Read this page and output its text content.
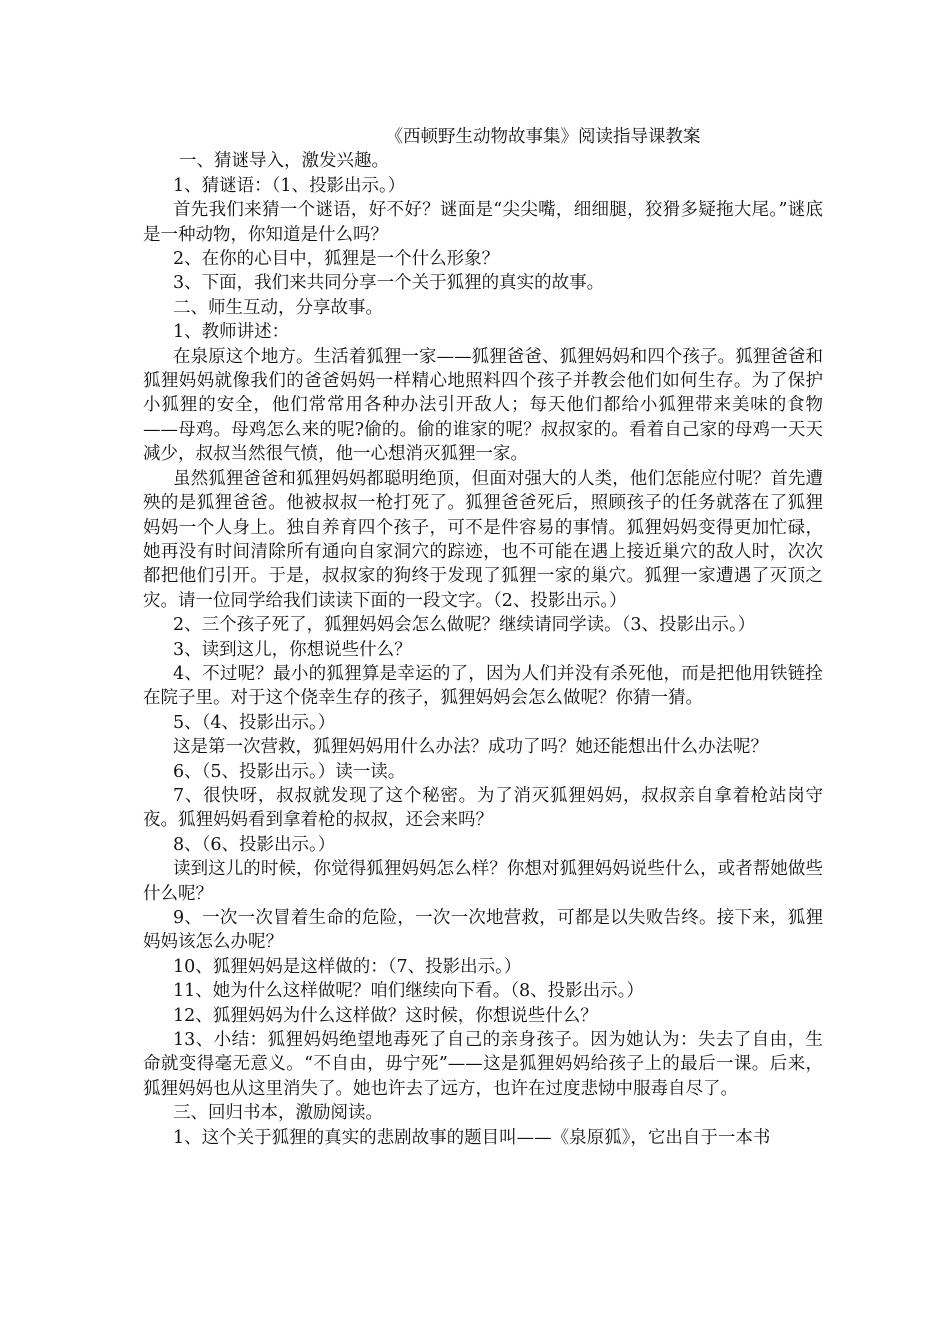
《西顿野生动物故事集》阅读指导课教案

一、猜谜导入，激发兴趣。

1、猜谜语：（1、投影出示。）

首先我们来猜一个谜语，好不好？谜面是“尖尖嘴，细细腿，狡猾多疑拖大尾。”谜底是一种动物，你知道是什么吗？

2、在你的心目中，狐狸是一个什么形象？

3、下面，我们来共同分享一个关于狐狸的真实的故事。

二、师生互动，分享故事。

1、教师讲述：

在泉原这个地方。生活着狐狸一家——狐狸爸爸、狐狸妈妈和四个孩子。狐狸爸爸和狐狸妈妈就像我们的爸爸妈妈一样精心地照料四个孩子并教会他们如何生存。为了保护小狐狸的安全，他们常常用各种办法引开敌人；每天他们都给小狐狸带来美味的食物——母鸡。母鸡怎么来的呢?偷的。偷的谁家的呢？叔叔家的。看着自己家的母鸡一天天减少，叔叔当然很气愤，他一心想消灭狐狸一家。

虽然狐狸爸爸和狐狸妈妈都聪明绝顶，但面对强大的人类，他们怎能应付呢？首先遭殃的是狐狸爸爸。他被叔叔一枪打死了。狐狸爸爸死后，照顾孩子的任务就落在了狐狸妈妈一个人身上。独自养育四个孩子，可不是件容易的事情。狐狸妈妈变得更加忙碌，她再没有时间清除所有通向自家洞穴的踪迹，也不可能在遇上接近巢穴的敌人时，次次都把他们引开。于是，叔叔家的狗终于发现了狐狸一家的巢穴。狐狸一家遭遇了灭顶之灾。请一位同学给我们读读下面的一段文字。（2、投影出示。）

2、三个孩子死了，狐狸妈妈会怎么做呢？继续请同学读。（3、投影出示。）

3、读到这儿，你想说些什么？

4、不过呢？最小的狐狸算是幸运的了，因为人们并没有杀死他，而是把他用铁链拴在院子里。对于这个侥幸生存的孩子，狐狸妈妈会怎么做呢？你猜一猜。

5、（4、投影出示。）

这是第一次营救，狐狸妈妈用什么办法？成功了吗？她还能想出什么办法呢？

6、（5、投影出示。）读一读。

7、很快呀，叔叔就发现了这个秘密。为了消灭狐狸妈妈，叔叔亲自拿着枪站岗守夜。狐狸妈妈看到拿着枪的叔叔，还会来吗？

8、（6、投影出示。）

读到这儿的时候，你觉得狐狸妈妈怎么样？你想对狐狸妈妈说些什么，或者帮她做些什么呢？

9、一次一次冒着生命的危险，一次一次地营救，可都是以失败告终。接下来，狐狸妈妈该怎么办呢？

10、狐狸妈妈是这样做的：（7、投影出示。）

11、她为什么这样做呢？咱们继续向下看。（8、投影出示。）

12、狐狸妈妈为什么这样做？这时候，你想说些什么？

13、小结：狐狸妈妈绝望地毒死了自己的亲身孩子。因为她认为：失去了自由，生命就变得毫无意义。“不自由，毋宁死”——这是狐狸妈妈给孩子上的最后一课。后来，狐狸妈妈也从这里消失了。她也许去了远方，也许在过度悲恸中服毒自尽了。

三、回归书本，激励阅读。

1、这个关于狐狸的真实的悲剧故事的题目叫——《泉原狐》，它出自于一本书
